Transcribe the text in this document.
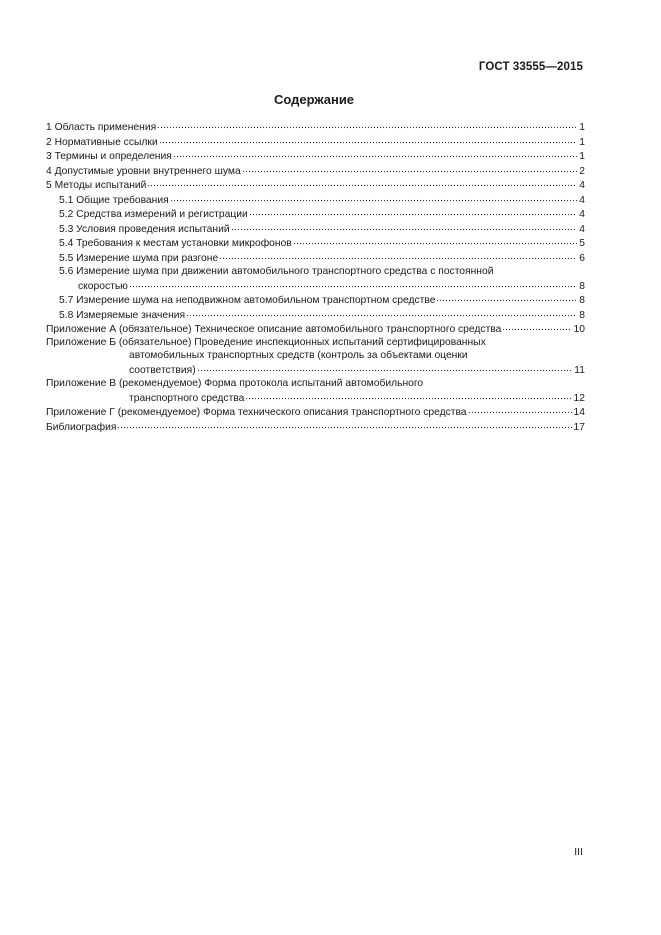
ГОСТ 33555—2015
Содержание
1 Область применения	1
2 Нормативные ссылки	1
3 Термины и определения	1
4 Допустимые уровни внутреннего шума	2
5 Методы испытаний	4
5.1 Общие требования	4
5.2 Средства измерений и регистрации	4
5.3 Условия проведения испытаний	4
5.4 Требования к местам установки микрофонов	5
5.5 Измерение шума при разгоне	6
5.6 Измерение шума при движении автомобильного транспортного средства с постоянной
скоростью	8
5.7 Измерение шума на неподвижном автомобильном транспортном средстве	8
5.8 Измеряемые значения	8
Приложение А (обязательное) Техническое описание автомобильного транспортного средства	10
Приложение Б (обязательное) Проведение инспекционных испытаний сертифицированных
автомобильных транспортных средств (контроль за объектами оценки
соответствия)	11
Приложение В (рекомендуемое) Форма протокола испытаний автомобильного
транспортного средства	12
Приложение Г (рекомендуемое) Форма технического описания транспортного средства	14
Библиография	17
III
